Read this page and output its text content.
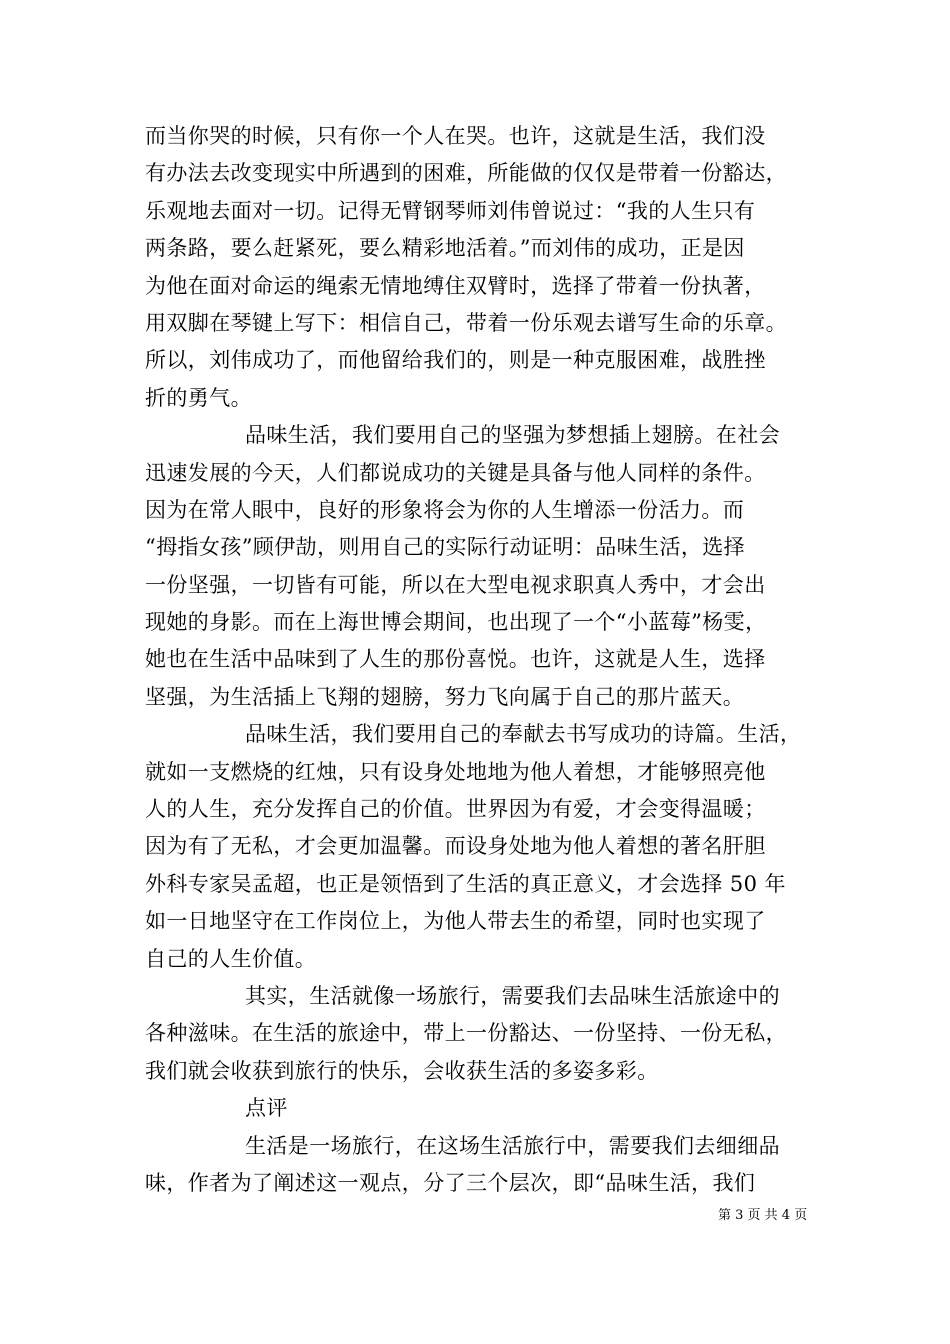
而当你哭的时候，只有你一个人在哭。也许，这就是生活，我们没
有办法去改变现实中所遇到的困难，所能做的仅仅是带着一份豁达，
乐观地去面对一切。记得无臂钢琴师刘伟曾说过：“我的人生只有
两条路，要么赶紧死，要么精彩地活着。”而刘伟的成功，正是因
为他在面对命运的绳索无情地缚住双臂时，选择了带着一份执著，
用双脚在琴键上写下：相信自己，带着一份乐观去谱写生命的乐章。
所以，刘伟成功了，而他留给我们的，则是一种克服困难，战胜挫
折的勇气。
品味生活，我们要用自己的坚强为梦想插上翅膀。在社会
迅速发展的今天，人们都说成功的关键是具备与他人同样的条件。
因为在常人眼中，良好的形象将会为你的人生增添一份活力。而
“拇指女孩”顾伊劼，则用自己的实际行动证明：品味生活，选择
一份坚强，一切皆有可能，所以在大型电视求职真人秀中，才会出
现她的身影。而在上海世博会期间，也出现了一个“小蓝莓”杨雯，
她也在生活中品味到了人生的那份喜悦。也许，这就是人生，选择
坚强，为生活插上飞翔的翅膀，努力飞向属于自己的那片蓝天。
品味生活，我们要用自己的奉献去书写成功的诗篇。生活，
就如一支燃烧的红烛，只有设身处地地为他人着想，才能够照亮他
人的人生，充分发挥自己的价值。世界因为有爱，才会变得温暖；
因为有了无私，才会更加温馨。而设身处地为他人着想的著名肝胆
外科专家吴孟超，也正是领悟到了生活的真正意义，才会选择 50 年
如一日地坚守在工作岗位上，为他人带去生的希望，同时也实现了
自己的人生价值。
其实，生活就像一场旅行，需要我们去品味生活旅途中的
各种滋味。在生活的旅途中，带上一份豁达、一份坚持、一份无私，
我们就会收获到旅行的快乐，会收获生活的多姿多彩。
点评
生活是一场旅行，在这场生活旅行中，需要我们去细细品
味，作者为了阐述这一观点，分了三个层次，即“品味生活，我们
第 3 页 共 4 页
